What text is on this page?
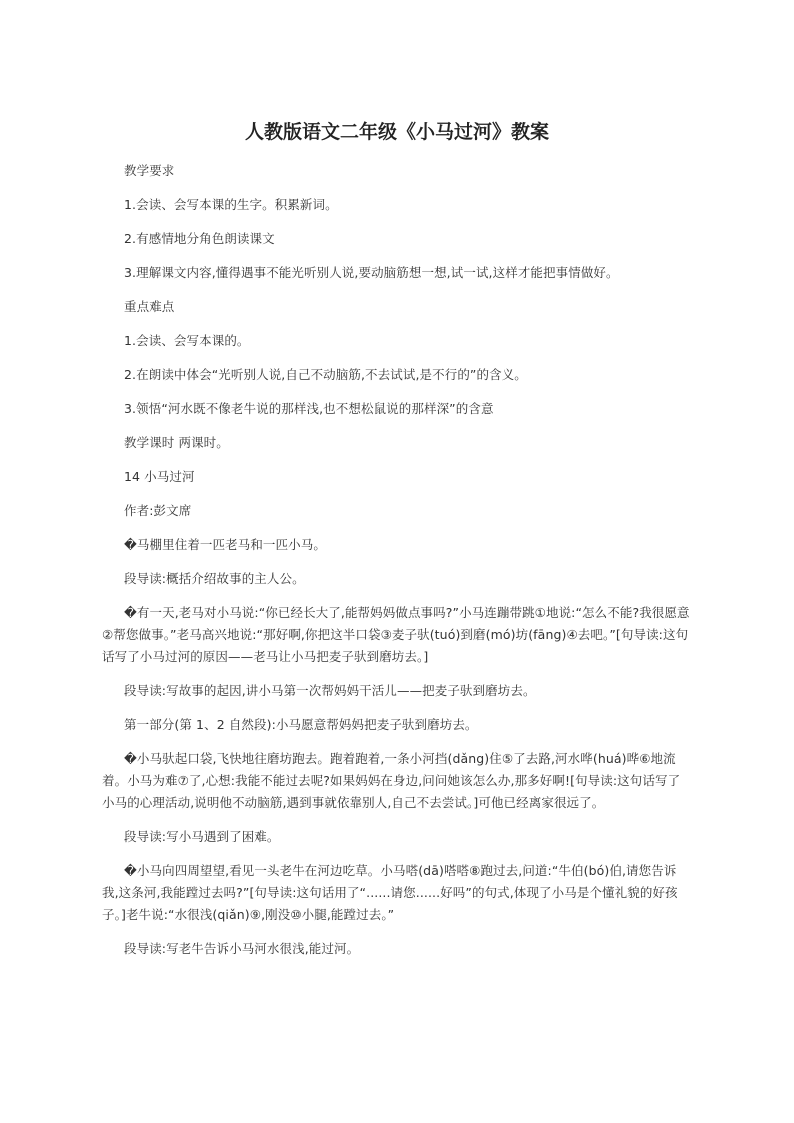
人教版语文二年级《小马过河》教案

教学要求

1.会读、会写本课的生字。积累新词。

2.有感情地分角色朗读课文

3.理解课文内容,懂得遇事不能光听别人说,要动脑筋想一想,试一试,这样才能把事情做好。

重点难点

1.会读、会写本课的。

2.在朗读中体会“光听别人说,自己不动脑筋,不去试试,是不行的”的含义。

3.领悟“河水既不像老牛说的那样浅,也不想松鼠说的那样深”的含意

教学课时 两课时。

14 小马过河

作者:彭文席

�马棚里住着一匹老马和一匹小马。

段导读:概括介绍故事的主人公。

�有一天,老马对小马说:“你已经长大了,能帮妈妈做点事吗?”小马连蹦带跳①地说:“怎么不能?我很愿意②帮您做事。”老马高兴地说:“那好啊,你把这半口袋③麦子驮(tuó)到磨(mó)坊(fāng)④去吧。”[句导读:这句话写了小马过河的原因——老马让小马把麦子驮到磨坊去。]

段导读:写故事的起因,讲小马第一次帮妈妈干活儿——把麦子驮到磨坊去。

第一部分(第 1、2 自然段):小马愿意帮妈妈把麦子驮到磨坊去。

�小马驮起口袋,飞快地往磨坊跑去。跑着跑着,一条小河挡(dǎng)住⑤了去路,河水哗(huá)哗⑥地流着。小马为难⑦了,心想:我能不能过去呢?如果妈妈在身边,问问她该怎么办,那多好啊![句导读:这句话写了小马的心理活动,说明他不动脑筋,遇到事就依靠别人,自己不去尝试。]可他已经离家很远了。

段导读:写小马遇到了困难。

�小马向四周望望,看见一头老牛在河边吃草。小马嗒(dā)嗒嗒⑧跑过去,问道:“牛伯(bó)伯,请您告诉我,这条河,我能蹚过去吗?”[句导读:这句话用了“......请您......好吗”的句式,体现了小马是个懂礼貌的好孩子。]老牛说:“水很浅(qiǎn)⑨,刚没⑩小腿,能蹚过去。”

段导读:写老牛告诉小马河水很浅,能过河。
